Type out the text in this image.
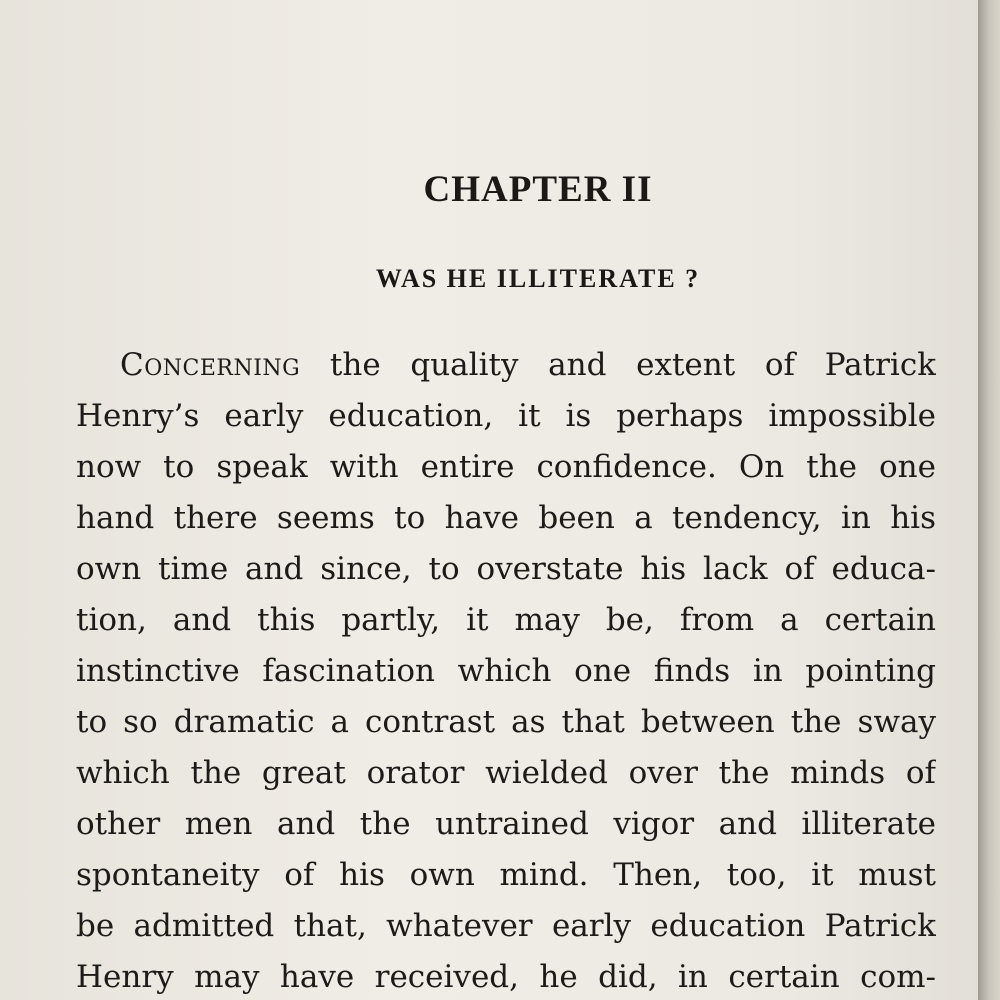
CHAPTER II
WAS HE ILLITERATE ?
Concerning the quality and extent of Patrick
Henry’s early education, it is perhaps impossible
now to speak with entire confidence. On the one
hand there seems to have been a tendency, in his
own time and since, to overstate his lack of educa-
tion, and this partly, it may be, from a certain
instinctive fascination which one finds in pointing
to so dramatic a contrast as that between the sway
which the great orator wielded over the minds of
other men and the untrained vigor and illiterate
spontaneity of his own mind. Then, too, it must
be admitted that, whatever early education Patrick
Henry may have received, he did, in certain com-
